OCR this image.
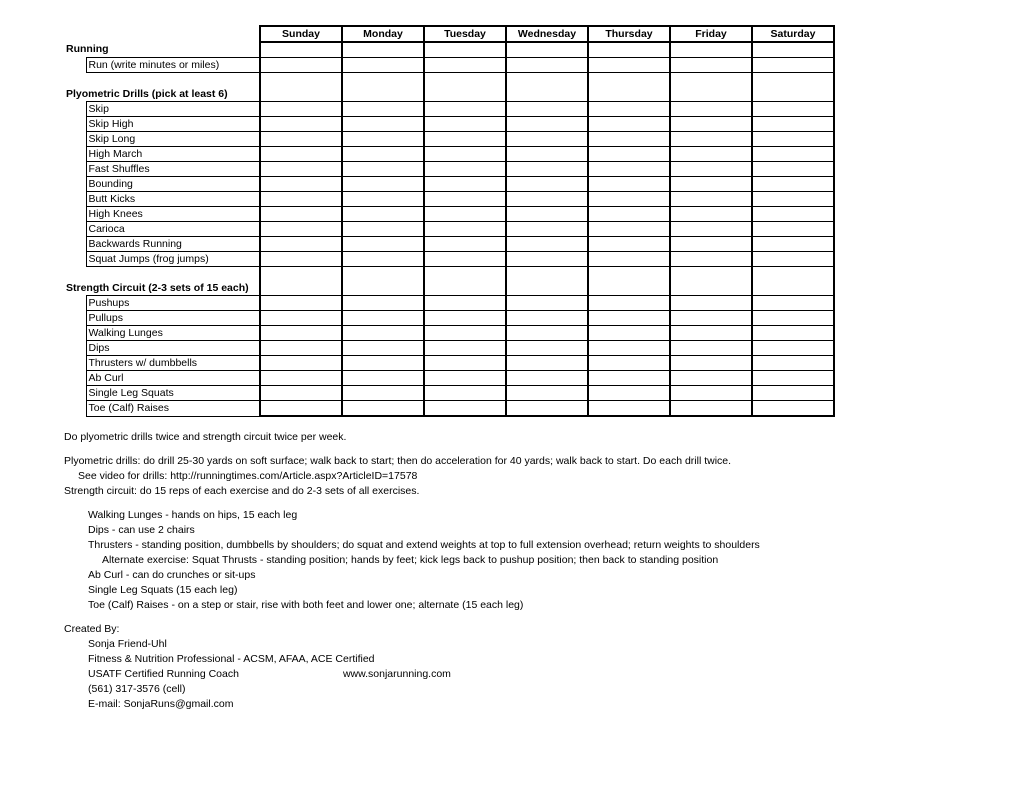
		Sunday	Monday	Tuesday	Wednesday	Thursday	Friday	Saturday
Running								
	Run (write minutes or miles)							

Plyometric Drills (pick at least 6)								
	Skip							
	Skip High							
	Skip Long							
	High March							
	Fast Shuffles							
	Bounding							
	Butt Kicks							
	High Knees							
	Carioca							
	Backwards Running							
	Squat Jumps (frog jumps)							

Strength Circuit (2-3 sets of 15 each)								
	Pushups							
	Pullups							
	Walking Lunges							
	Dips							
	Thrusters w/ dumbbells							
	Ab Curl							
	Single Leg Squats							
	Toe (Calf) Raises							

Do plyometric drills twice and strength circuit twice per week.

Plyometric drills: do drill 25-30 yards on soft surface; walk back to start; then do acceleration for 40 yards; walk back to start. Do each drill twice.

See video for drills: http://runningtimes.com/Article.aspx?ArticleID=17578

Strength circuit: do 15 reps of each exercise and do 2-3 sets of all exercises.

Walking Lunges - hands on hips, 15 each leg

Dips - can use 2 chairs

Thrusters - standing position, dumbbells by shoulders; do squat and extend weights at top to full extension overhead; return weights to shoulders

Alternate exercise: Squat Thrusts - standing position; hands by feet; kick legs back to pushup position; then back to standing position

Ab Curl - can do crunches or sit-ups

Single Leg Squats (15 each leg)

Toe (Calf) Raises - on a step or stair, rise with both feet and lower one; alternate (15 each leg)

Created By:

Sonja Friend-Uhl

Fitness & Nutrition Professional - ACSM, AFAA, ACE Certified

USATF Certified Running Coach	www.sonjarunning.com

(561) 317-3576 (cell)

E-mail: SonjaRuns@gmail.com
